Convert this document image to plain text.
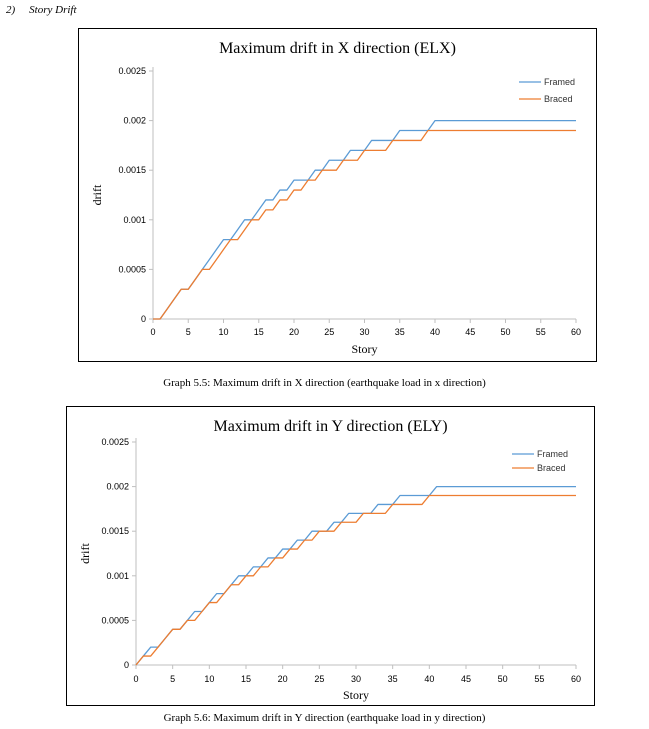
2) Story Drift
Maximum drift in X direction (ELX)
0
0.0005
0.001
0.0015
0.002
0.0025
0	5	10	15	20	25	30	35	40	45	50	55	60
Story
drift
Framed
Braced
Graph 5.5: Maximum drift in X direction (earthquake load in x direction)
Maximum drift in Y direction (ELY)
0
0.0005
0.001
0.0015
0.002
0.0025
0	5	10	15	20	25	30	35	40	45	50	55	60
Story
drift
Framed
Braced
Graph 5.6: Maximum drift in Y direction (earthquake load in y direction)
